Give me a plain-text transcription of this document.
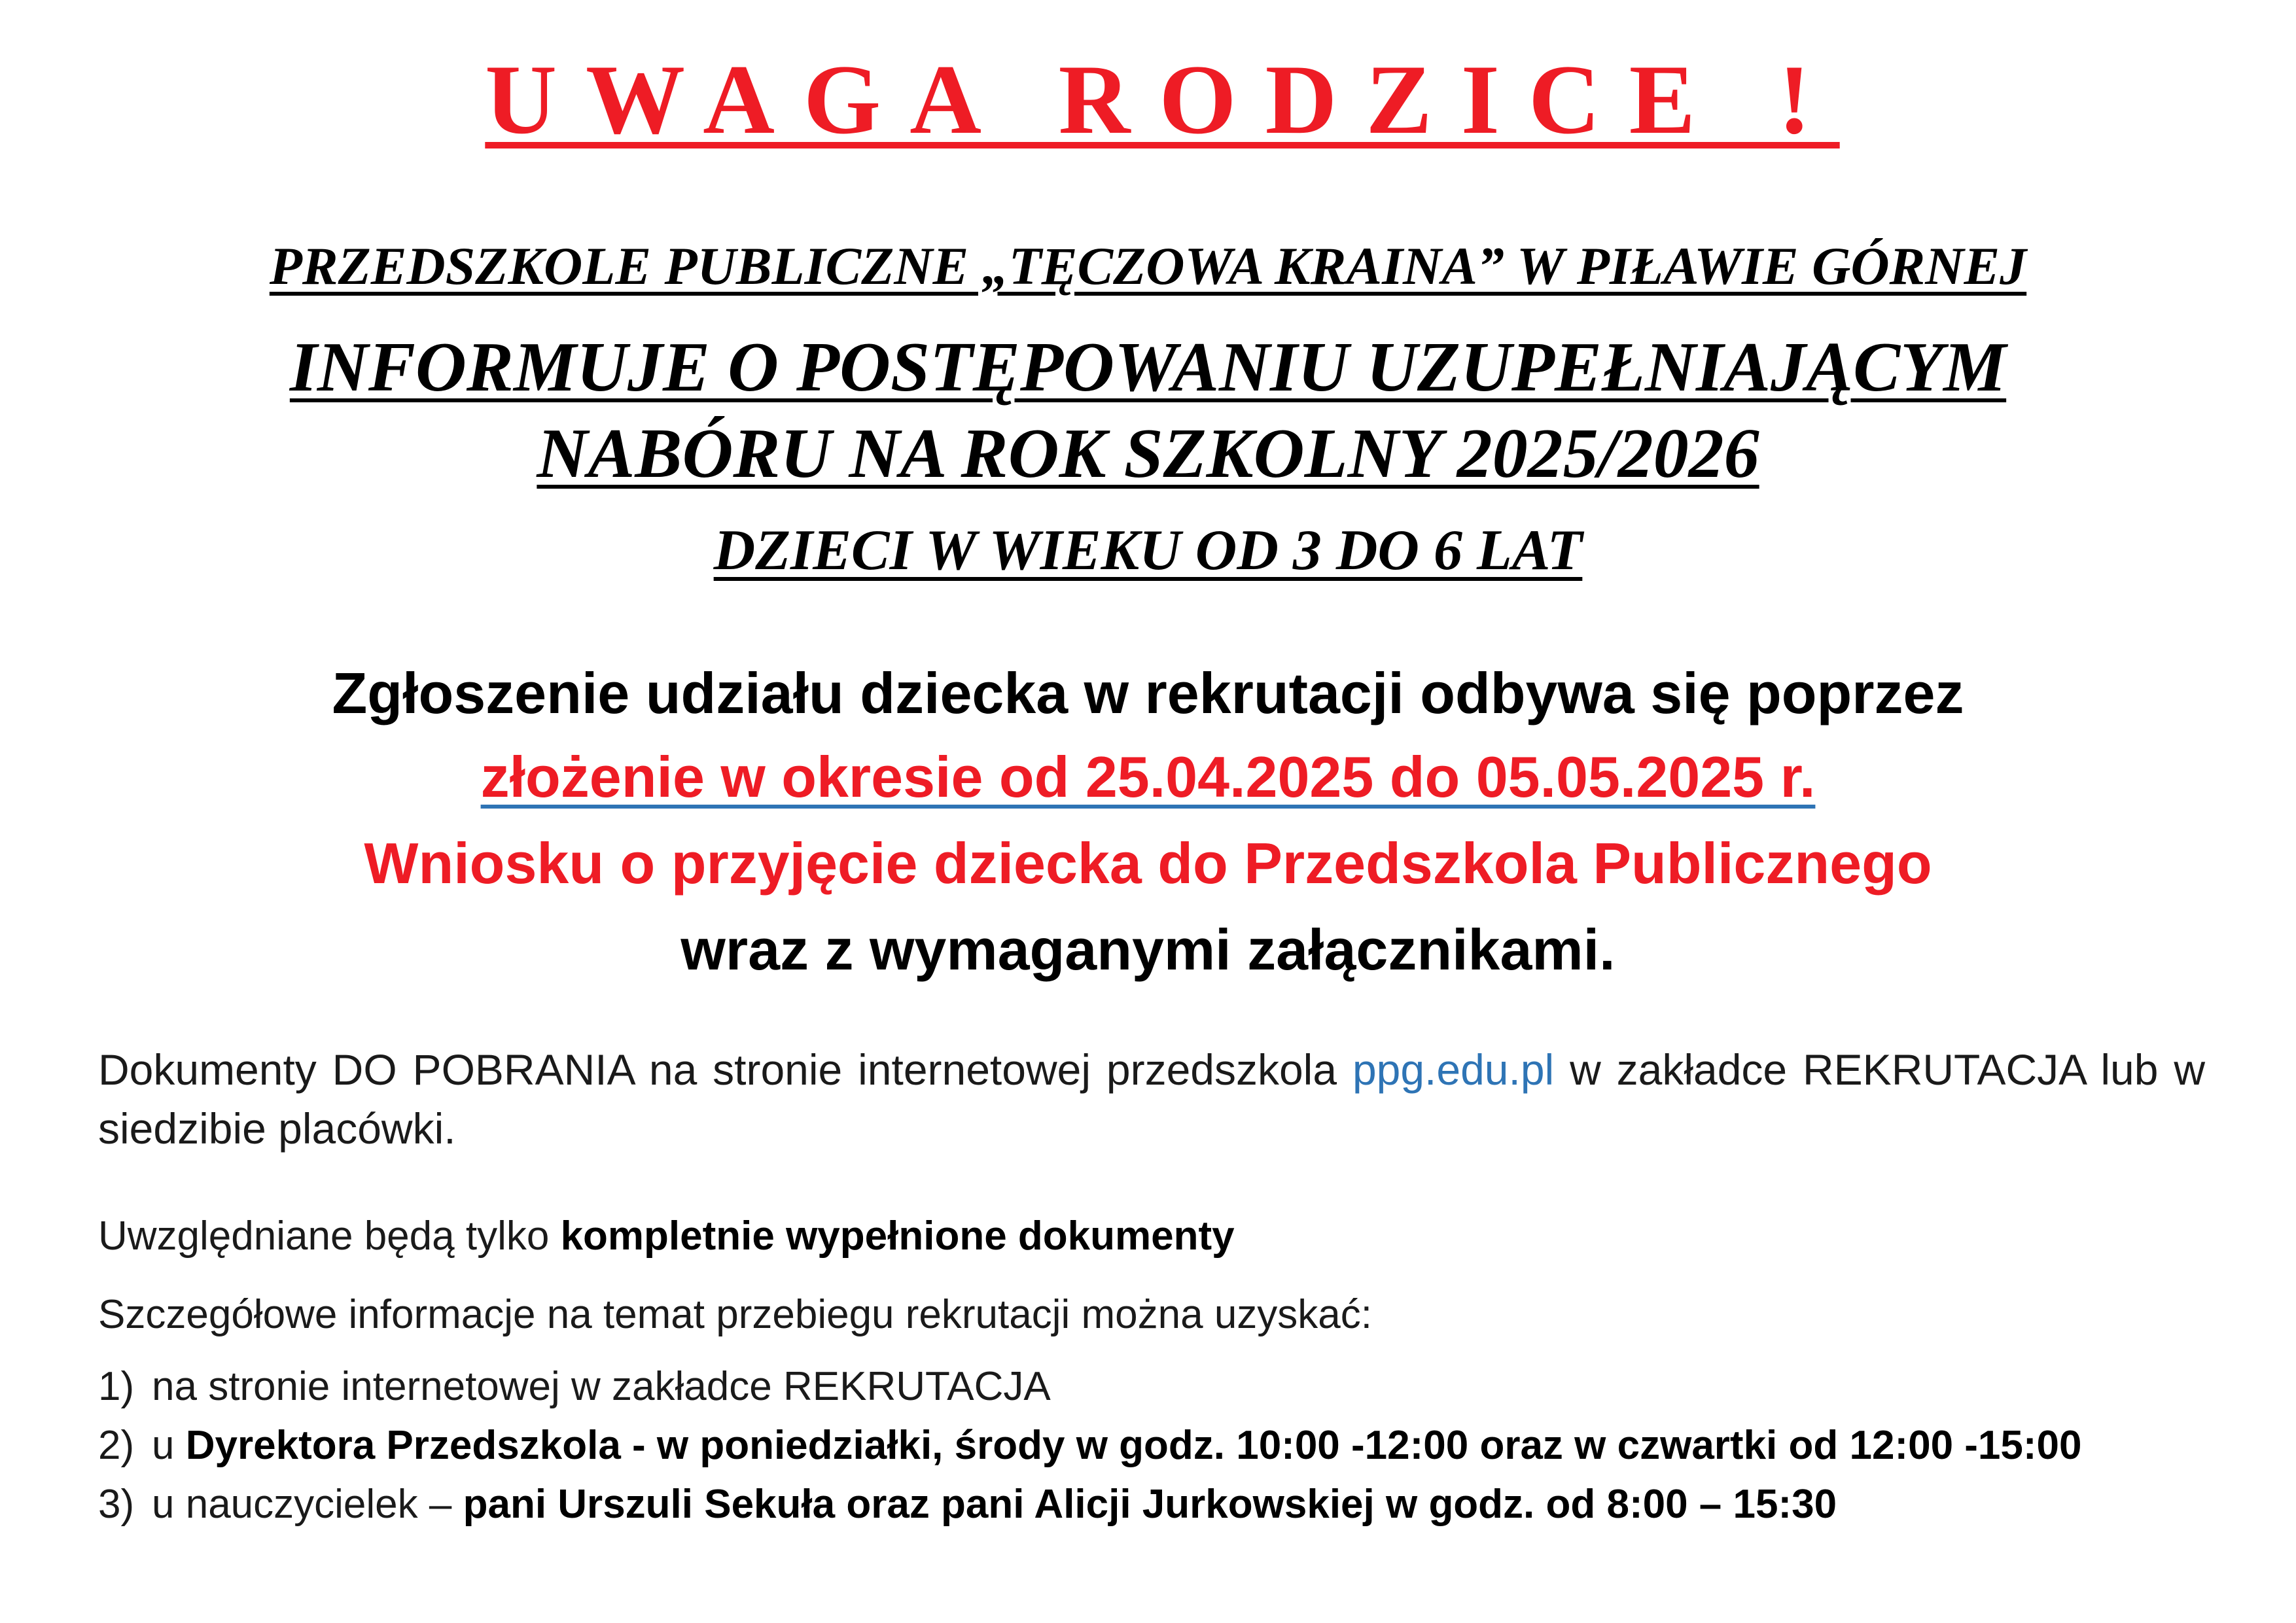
UWAGA RODZICE !
PRZEDSZKOLE PUBLICZNE „TĘCZOWA KRAINA” W PIŁAWIE GÓRNEJ
INFORMUJE O POSTĘPOWANIU UZUPEŁNIAJĄCYM
NABÓRU NA ROK SZKOLNY 2025/2026
DZIECI W WIEKU OD 3 DO 6 LAT
Zgłoszenie udziału dziecka w rekrutacji odbywa się poprzez
złożenie w okresie od 25.04.2025 do 05.05.2025 r.
Wniosku o przyjęcie dziecka do Przedszkola Publicznego
wraz z wymaganymi załącznikami.
Dokumenty DO POBRANIA na stronie internetowej przedszkola ppg.edu.pl w zakładce REKRUTACJA lub w siedzibie placówki.
Uwzględniane będą tylko kompletnie wypełnione dokumenty
Szczegółowe informacje na temat przebiegu rekrutacji można uzyskać:
1) na stronie internetowej w zakładce REKRUTACJA
2) u Dyrektora Przedszkola - w poniedziałki, środy w godz. 10:00 -12:00 oraz w czwartki od 12:00 -15:00
3) u nauczycielek – pani Urszuli Sekuła oraz pani Alicji Jurkowskiej w godz. od 8:00 – 15:30
